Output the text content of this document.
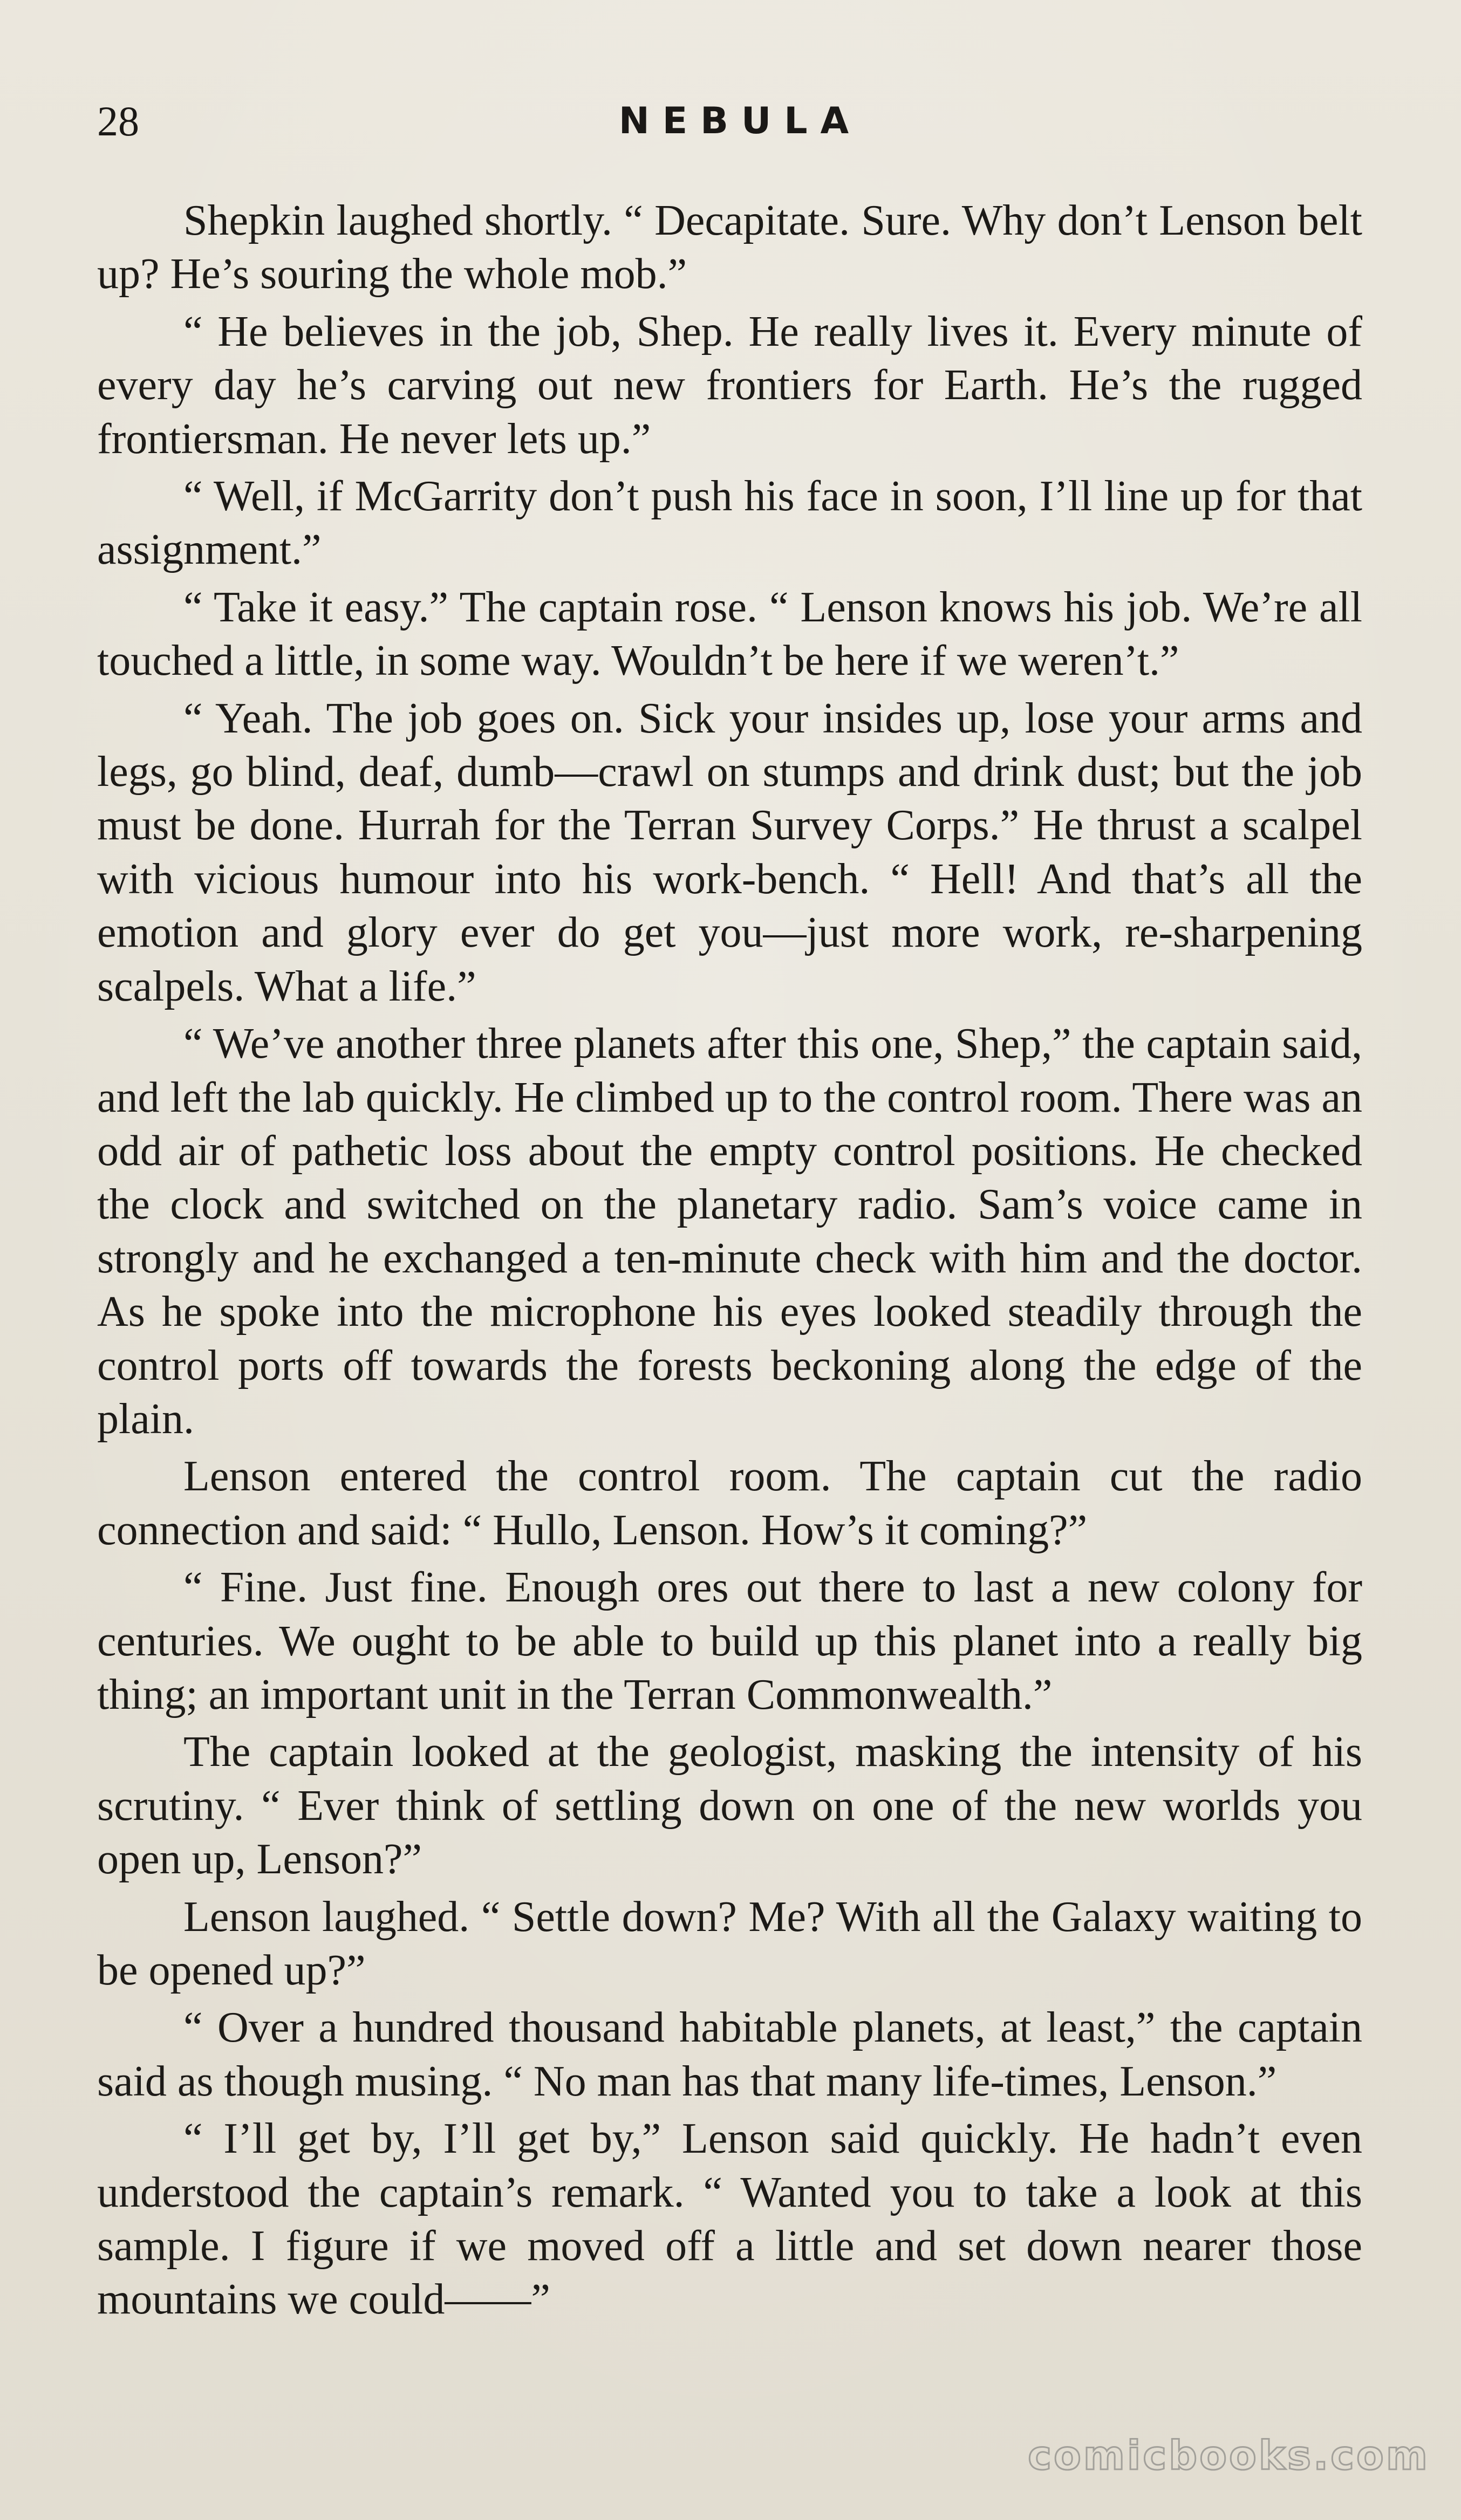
28	NEBULA

Shepkin laughed shortly. “ Decapitate. Sure. Why don’t Lenson belt up? He’s souring the whole mob.”

“ He believes in the job, Shep. He really lives it. Every minute of every day he’s carving out new frontiers for Earth. He’s the rugged frontiersman. He never lets up.”

“ Well, if McGarrity don’t push his face in soon, I’ll line up for that assignment.”

“ Take it easy.” The captain rose. “ Lenson knows his job. We’re all touched a little, in some way. Wouldn’t be here if we weren’t.”

“ Yeah. The job goes on. Sick your insides up, lose your arms and legs, go blind, deaf, dumb—crawl on stumps and drink dust; but the job must be done. Hurrah for the Terran Survey Corps.” He thrust a scalpel with vicious humour into his work-bench. “ Hell! And that’s all the emotion and glory ever do get you—just more work, re-sharpening scalpels. What a life.”

“ We’ve another three planets after this one, Shep,” the captain said, and left the lab quickly. He climbed up to the control room. There was an odd air of pathetic loss about the empty control positions. He checked the clock and switched on the planetary radio. Sam’s voice came in strongly and he exchanged a ten-minute check with him and the doctor. As he spoke into the microphone his eyes looked steadily through the control ports off towards the forests beckoning along the edge of the plain.

Lenson entered the control room. The captain cut the radio connection and said: “ Hullo, Lenson. How’s it coming?”

“ Fine. Just fine. Enough ores out there to last a new colony for centuries. We ought to be able to build up this planet into a really big thing; an important unit in the Terran Commonwealth.”

The captain looked at the geologist, masking the intensity of his scrutiny. “ Ever think of settling down on one of the new worlds you open up, Lenson?”

Lenson laughed. “ Settle down? Me? With all the Galaxy waiting to be opened up?”

“ Over a hundred thousand habitable planets, at least,” the captain said as though musing. “ No man has that many life-times, Lenson.”

“ I’ll get by, I’ll get by,” Lenson said quickly. He hadn’t even understood the captain’s remark. “ Wanted you to take a look at this sample. I figure if we moved off a little and set down nearer those mountains we could——”

comicbooks.com
